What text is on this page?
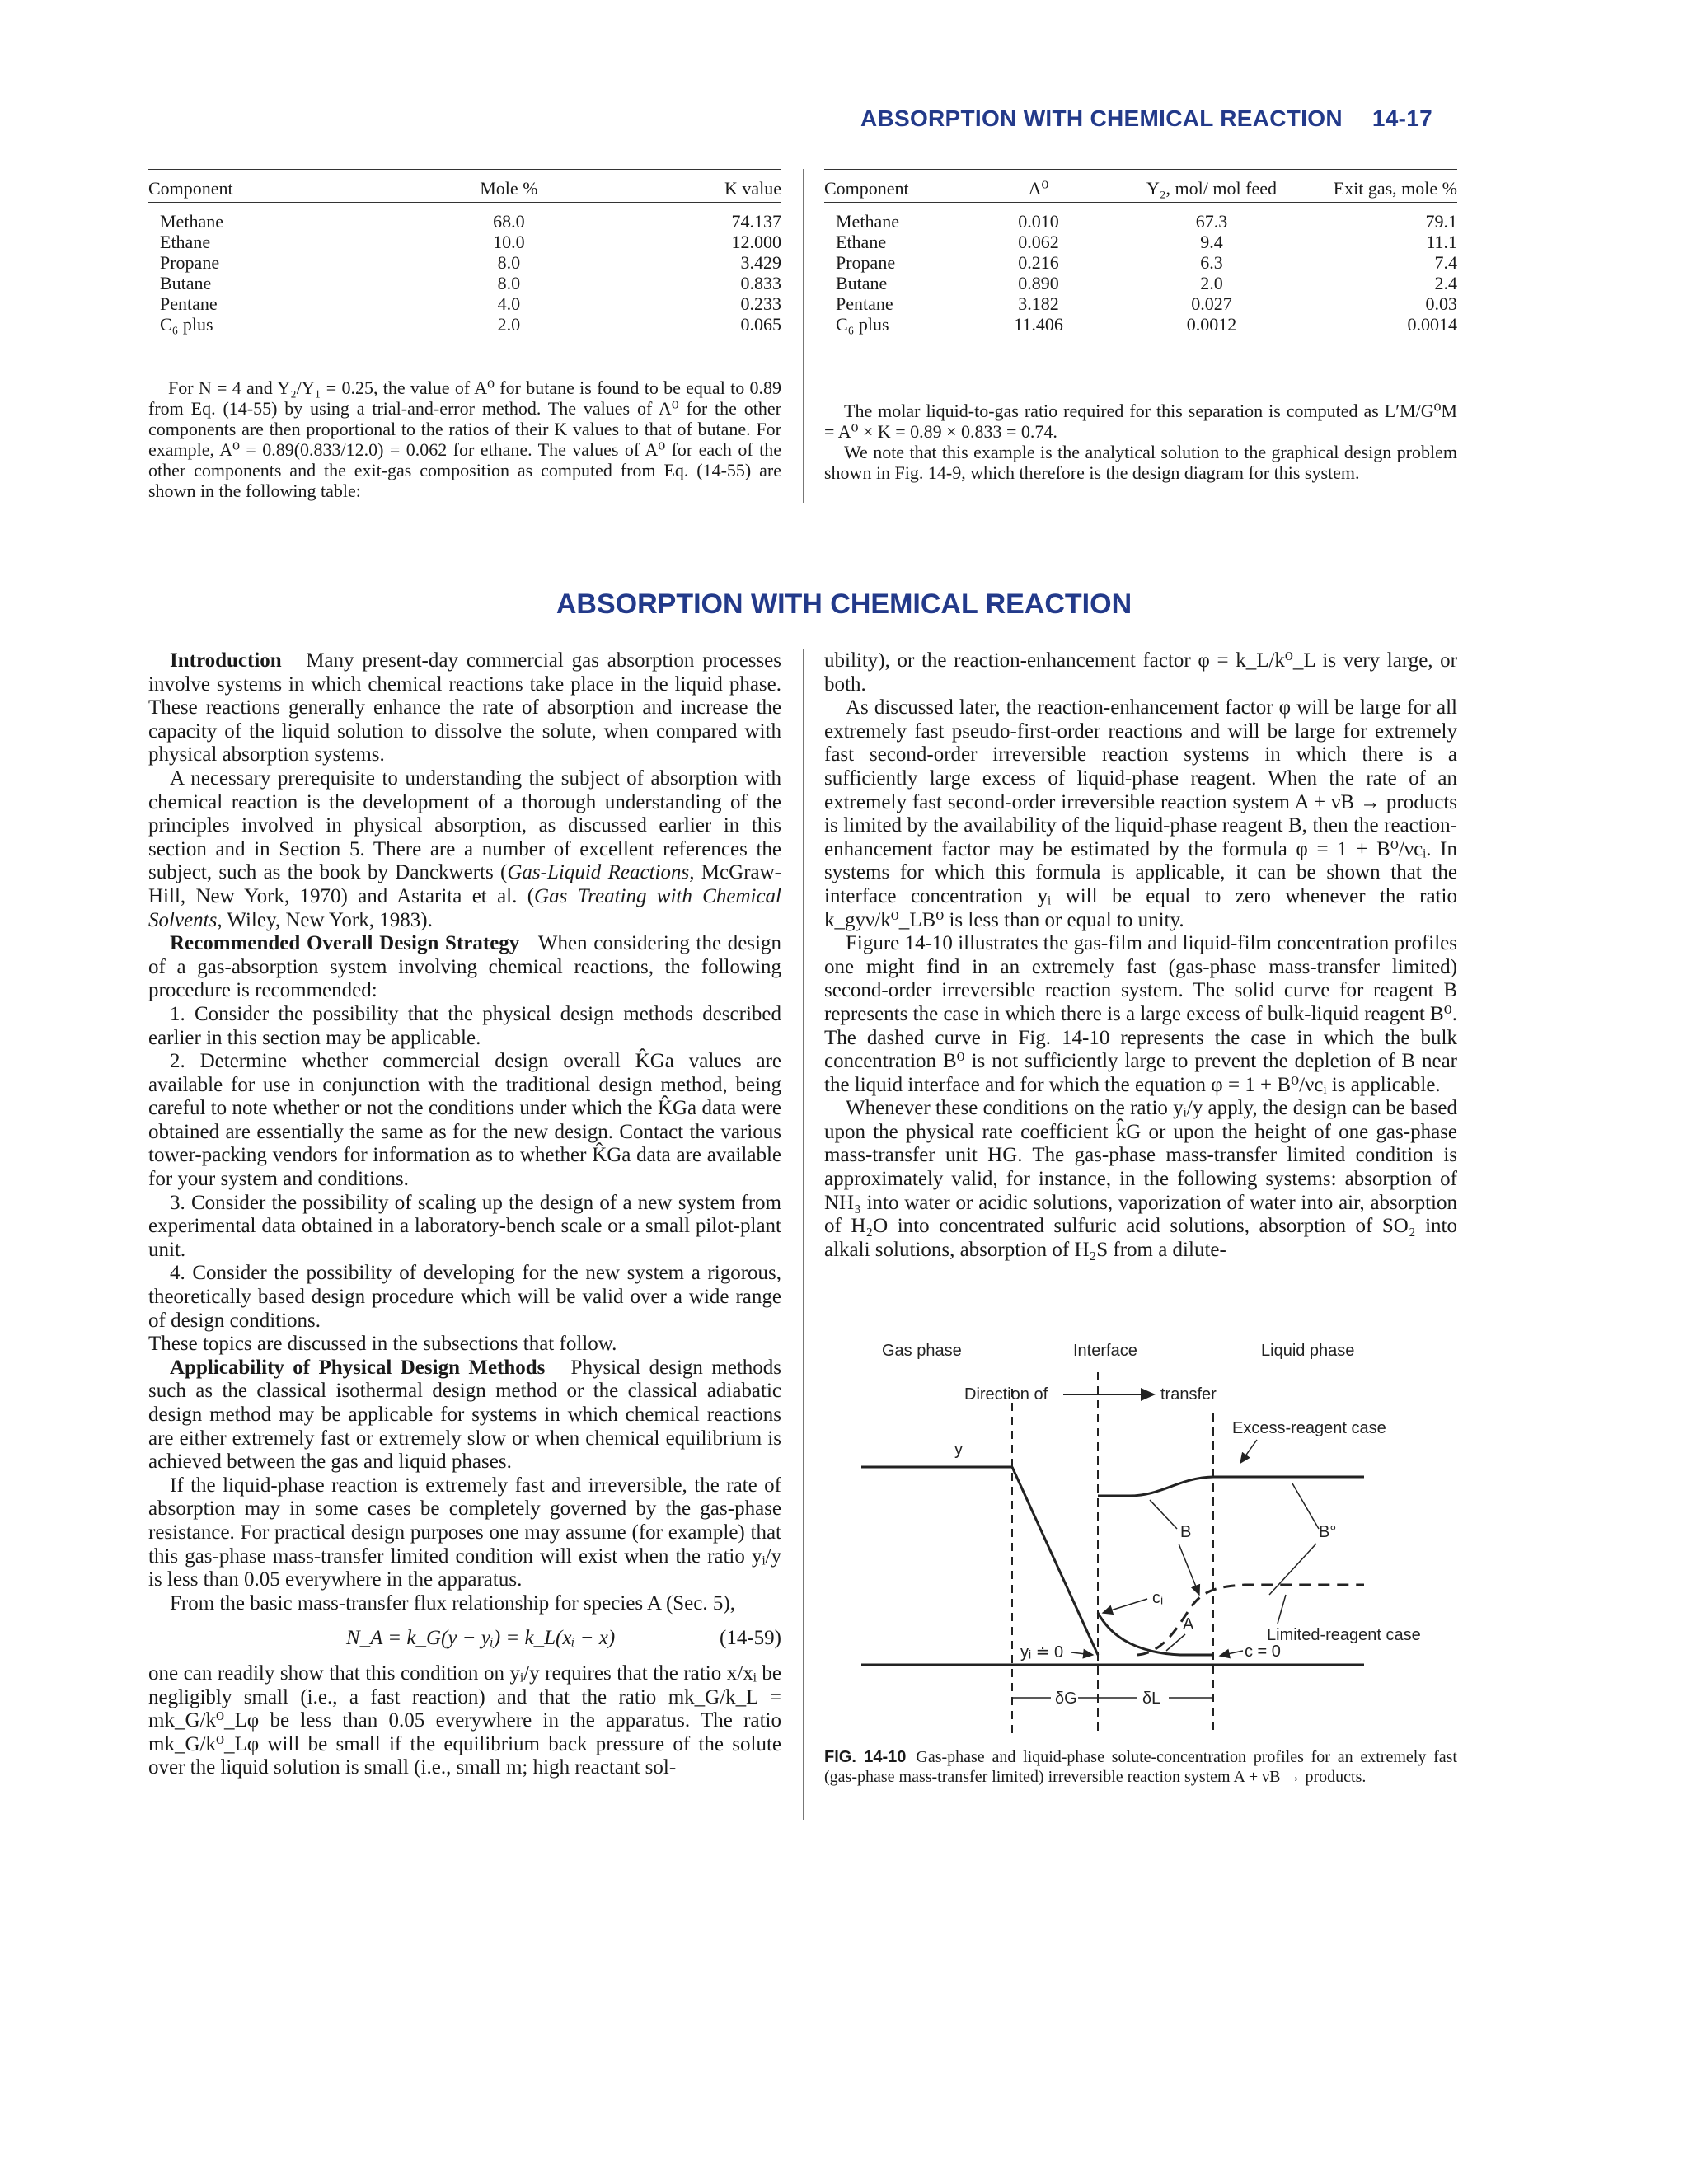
ABSORPTION WITH CHEMICAL REACTION 14-17
Component	Mole %	K value
Methane	68.0	74.137
Ethane	10.0	12.000
Propane	8.0	3.429
Butane	8.0	0.833
Pentane	4.0	0.233
C₆ plus	2.0	0.065
Component	A⁰	Y₂, mol/ mol feed	Exit gas, mole %
Methane	0.010	67.3	79.1
Ethane	0.062	9.4	11.1
Propane	0.216	6.3	7.4
Butane	0.890	2.0	2.4
Pentane	3.182	0.027	0.03
C₆ plus	11.406	0.0012	0.0014
For N = 4 and Y₂/Y₁ = 0.25, the value of A⁰ for butane is found to be equal to 0.89 from Eq. (14-55) by using a trial-and-error method. The values of A⁰ for the other components are then proportional to the ratios of their K values to that of butane. For example, A⁰ = 0.89(0.833/12.0) = 0.062 for ethane. The values of A⁰ for each of the other components and the exit-gas composition as computed from Eq. (14-55) are shown in the following table:

The molar liquid-to-gas ratio required for this separation is computed as L′M/G⁰M = A⁰ × K = 0.89 × 0.833 = 0.74.

We note that this example is the analytical solution to the graphical design problem shown in Fig. 14-9, which therefore is the design diagram for this system.

ABSORPTION WITH CHEMICAL REACTION

Introduction Many present-day commercial gas absorption processes involve systems in which chemical reactions take place in the liquid phase. These reactions generally enhance the rate of absorption and increase the capacity of the liquid solution to dissolve the solute, when compared with physical absorption systems.

A necessary prerequisite to understanding the subject of absorption with chemical reaction is the development of a thorough understanding of the principles involved in physical absorption, as discussed earlier in this section and in Section 5. There are a number of excellent references the subject, such as the book by Danckwerts (Gas-Liquid Reactions, McGraw-Hill, New York, 1970) and Astarita et al. (Gas Treating with Chemical Solvents, Wiley, New York, 1983).

Recommended Overall Design Strategy When considering the design of a gas-absorption system involving chemical reactions, the following procedure is recommended:

1. Consider the possibility that the physical design methods described earlier in this section may be applicable.

2. Determine whether commercial design overall K̂Ga values are available for use in conjunction with the traditional design method, being careful to note whether or not the conditions under which the K̂Ga data were obtained are essentially the same as for the new design. Contact the various tower-packing vendors for information as to whether K̂Ga data are available for your system and conditions.

3. Consider the possibility of scaling up the design of a new system from experimental data obtained in a laboratory-bench scale or a small pilot-plant unit.

4. Consider the possibility of developing for the new system a rigorous, theoretically based design procedure which will be valid over a wide range of design conditions.

These topics are discussed in the subsections that follow.

Applicability of Physical Design Methods Physical design methods such as the classical isothermal design method or the classical adiabatic design method may be applicable for systems in which chemical reactions are either extremely fast or extremely slow or when chemical equilibrium is achieved between the gas and liquid phases.

If the liquid-phase reaction is extremely fast and irreversible, the rate of absorption may in some cases be completely governed by the gas-phase resistance. For practical design purposes one may assume (for example) that this gas-phase mass-transfer limited condition will exist when the ratio yᵢ/y is less than 0.05 everywhere in the apparatus.

From the basic mass-transfer flux relationship for species A (Sec. 5),

N_A = k_G(y − yᵢ) = k_L(xᵢ − x)	(14-59)

one can readily show that this condition on yᵢ/y requires that the ratio x/xᵢ be negligibly small (i.e., a fast reaction) and that the ratio mk_G/k_L = mk_G/k⁰_Lφ be less than 0.05 everywhere in the apparatus. The ratio mk_G/k⁰_Lφ will be small if the equilibrium back pressure of the solute over the liquid solution is small (i.e., small m; high reactant sol-

ubility), or the reaction-enhancement factor φ = k_L/k⁰_L is very large, or both.

As discussed later, the reaction-enhancement factor φ will be large for all extremely fast pseudo-first-order reactions and will be large for extremely fast second-order irreversible reaction systems in which there is a sufficiently large excess of liquid-phase reagent. When the rate of an extremely fast second-order irreversible reaction system A + νB → products is limited by the availability of the liquid-phase reagent B, then the reaction-enhancement factor may be estimated by the formula φ = 1 + B⁰/νcᵢ. In systems for which this formula is applicable, it can be shown that the interface concentration yᵢ will be equal to zero whenever the ratio k_gyν/k⁰_LB⁰ is less than or equal to unity.

Figure 14-10 illustrates the gas-film and liquid-film concentration profiles one might find in an extremely fast (gas-phase mass-transfer limited) second-order irreversible reaction system. The solid curve for reagent B represents the case in which there is a large excess of bulk-liquid reagent B⁰. The dashed curve in Fig. 14-10 represents the case in which the bulk concentration B⁰ is not sufficiently large to prevent the depletion of B near the liquid interface and for which the equation φ = 1 + B⁰/νcᵢ is applicable.

Whenever these conditions on the ratio yᵢ/y apply, the design can be based upon the physical rate coefficient k̂G or upon the height of one gas-phase mass-transfer unit HG. The gas-phase mass-transfer limited condition is approximately valid, for instance, in the following systems: absorption of NH₃ into water or acidic solutions, vaporization of water into air, absorption of H₂O into concentrated sulfuric acid solutions, absorption of SO₂ into alkali solutions, absorption of H₂S from a dilute-

Gas phase	Interface	Liquid phase
Direction of	transfer
Excess-reagent case
y
B	B°
cᵢ
Limited-reagent case
A
c = 0
yᵢ ≐ 0
δG	δL
FIG. 14-10 Gas-phase and liquid-phase solute-concentration profiles for an extremely fast (gas-phase mass-transfer limited) irreversible reaction system A + νB → products.
